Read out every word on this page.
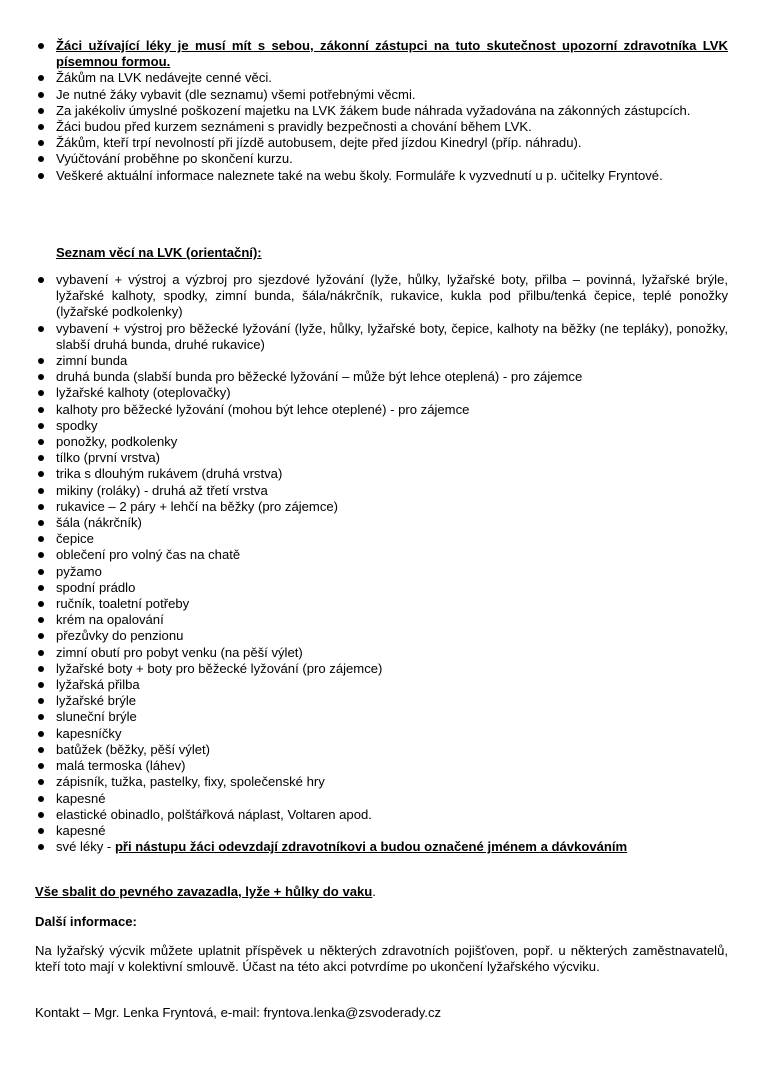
Žáci užívající léky je musí mít s sebou, zákonní zástupci na tuto skutečnost upozorní zdravotníka LVK písemnou formou.
Žákům na LVK nedávejte cenné věci.
Je nutné žáky vybavit (dle seznamu) všemi potřebnými věcmi.
Za jakékoliv úmyslné poškození majetku na LVK žákem bude náhrada vyžadována na zákonných zástupcích.
Žáci budou před kurzem seznámeni s pravidly bezpečnosti a chování během LVK.
Žákům, kteří trpí nevolností při jízdě autobusem, dejte před jízdou Kinedryl (příp. náhradu).
Vyúčtování proběhne po skončení kurzu.
Veškeré aktuální informace naleznete také na webu školy. Formuláře k vyzvednutí u p. učitelky Fryntové.
Seznam věcí na LVK (orientační):
vybavení + výstroj a výzbroj pro sjezdové lyžování (lyže, hůlky, lyžařské boty, přilba – povinná, lyžařské brýle, lyžařské kalhoty, spodky, zimní bunda, šála/nákrčník, rukavice, kukla pod přilbu/tenká čepice, teplé ponožky (lyžařské podkolenky)
vybavení + výstroj pro běžecké lyžování (lyže, hůlky, lyžařské boty, čepice, kalhoty na běžky (ne tepláky), ponožky, slabší druhá bunda, druhé rukavice)
zimní bunda
druhá bunda (slabší bunda pro běžecké lyžování – může být lehce oteplená) - pro zájemce
lyžařské kalhoty (oteplovačky)
kalhoty pro běžecké lyžování (mohou být lehce oteplené) - pro zájemce
spodky
ponožky, podkolenky
tílko (první vrstva)
trika s dlouhým rukávem (druhá vrstva)
mikiny (roláky) - druhá až třetí vrstva
rukavice – 2 páry + lehčí na běžky (pro zájemce)
šála (nákrčník)
čepice
oblečení pro volný čas na chatě
pyžamo
spodní prádlo
ručník, toaletní potřeby
krém na opalování
přezůvky do penzionu
zimní obutí pro pobyt venku (na pěší výlet)
lyžařské boty + boty pro běžecké lyžování (pro zájemce)
lyžařská přilba
lyžařské brýle
sluneční brýle
kapesníčky
batůžek (běžky, pěší výlet)
malá termoska (láhev)
zápisník, tužka, pastelky, fixy, společenské hry
kapesné
elastické obinadlo, polštářková náplast, Voltaren apod.
kapesné
své léky - při nástupu žáci odevzdají zdravotníkovi a budou označené jménem a dávkováním
Vše sbalit do pevného zavazadla, lyže + hůlky do vaku.
Další informace:
Na lyžařský výcvik můžete uplatnit příspěvek u některých zdravotních pojišťoven, popř. u některých zaměstnavatelů, kteří toto mají v kolektivní smlouvě. Účast na této akci potvrdíme po ukončení lyžařského výcviku.
Kontakt – Mgr. Lenka Fryntová, e-mail: fryntova.lenka@zsvoderady.cz
